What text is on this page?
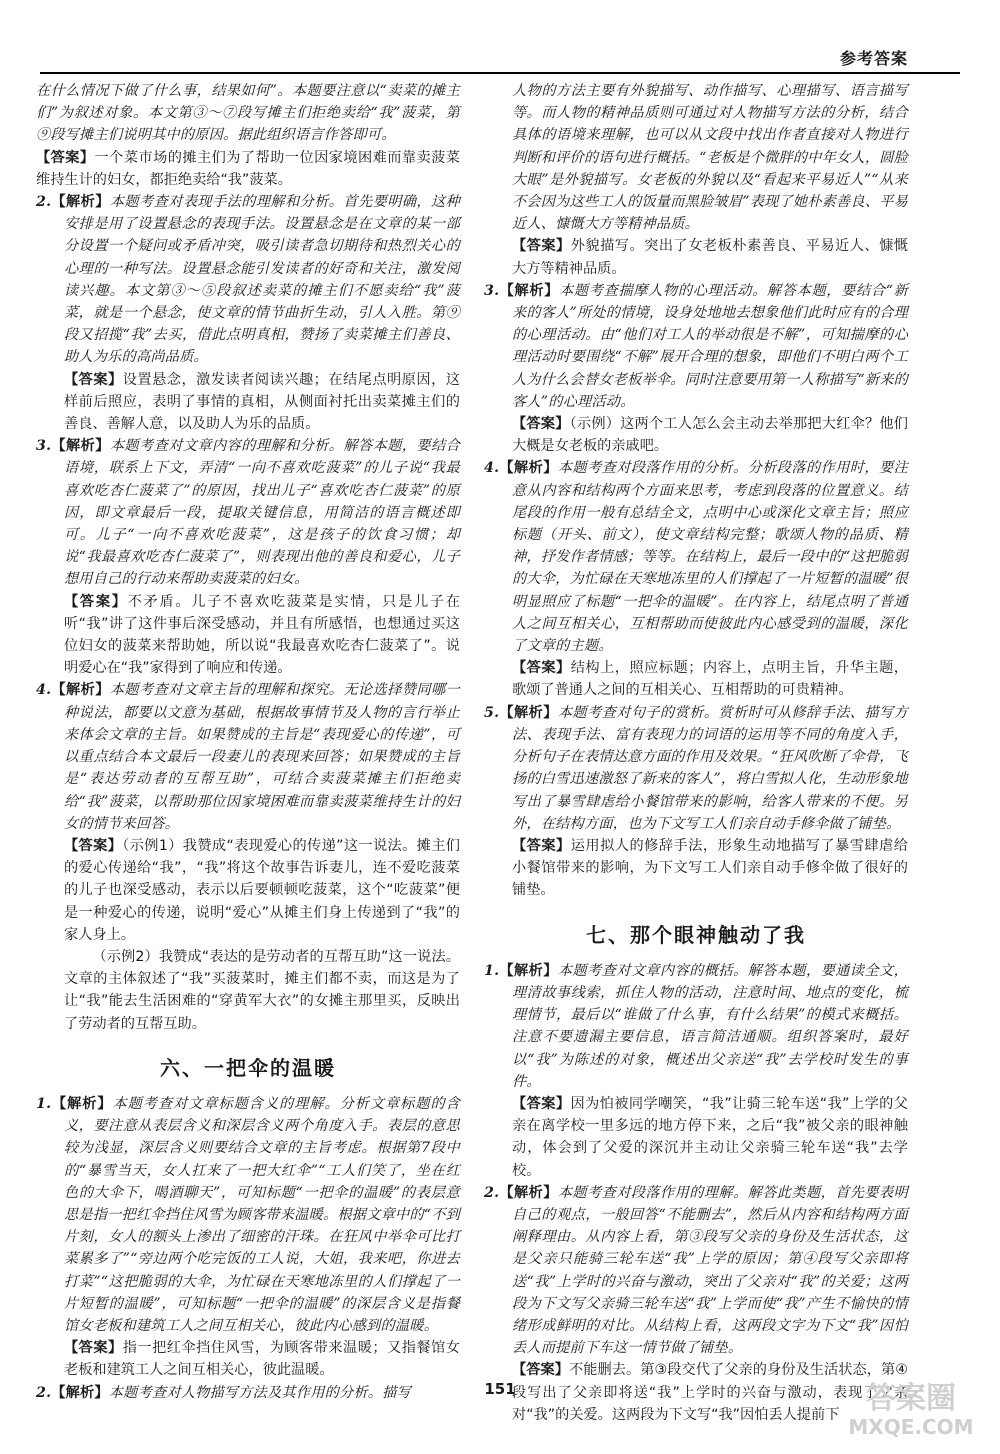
参考答案

在什么情况下做了什么事，结果如何”。本题要注意以“卖菜的摊主们”为叙述对象。本文第③～⑦段写摊主们拒绝卖给“我”菠菜，第⑨段写摊主们说明其中的原因。据此组织语言作答即可。

【答案】一个菜市场的摊主们为了帮助一位因家境困难而靠卖菠菜维持生计的妇女，都拒绝卖给“我”菠菜。

2.【解析】本题考查对表现手法的理解和分析。首先要明确，这种安排是用了设置悬念的表现手法。设置悬念是在文章的某一部分设置一个疑问或矛盾冲突，吸引读者急切期待和热烈关心的心理的一种写法。设置悬念能引发读者的好奇和关注，激发阅读兴趣。本文第③～⑤段叙述卖菜的摊主们不愿卖给“我”菠菜，就是一个悬念，使文章的情节曲折生动，引人入胜。第⑨段又招揽“我”去买，借此点明真相，赞扬了卖菜摊主们善良、助人为乐的高尚品质。

【答案】设置悬念，激发读者阅读兴趣；在结尾点明原因，这样前后照应，表明了事情的真相，从侧面衬托出卖菜摊主们的善良、善解人意，以及助人为乐的品质。

3.【解析】本题考查对文章内容的理解和分析。解答本题，要结合语境，联系上下文，弄清“一向不喜欢吃菠菜”的儿子说“我最喜欢吃杏仁菠菜了”的原因，找出儿子“喜欢吃杏仁菠菜”的原因，即文章最后一段，提取关键信息，用简洁的语言概述即可。儿子“一向不喜欢吃菠菜”，这是孩子的饮食习惯；却说“我最喜欢吃杏仁菠菜了”，则表现出他的善良和爱心，儿子想用自己的行动来帮助卖菠菜的妇女。

【答案】不矛盾。儿子不喜欢吃菠菜是实情，只是儿子在听“我”讲了这件事后深受感动，并且有所感悟，也想通过买这位妇女的菠菜来帮助她，所以说“我最喜欢吃杏仁菠菜了”。说明爱心在“我”家得到了响应和传递。

4.【解析】本题考查对文章主旨的理解和探究。无论选择赞同哪一种说法，都要以文意为基础，根据故事情节及人物的言行举止来体会文章的主旨。如果赞成的主旨是“表现爱心的传递”，可以重点结合本文最后一段妻儿的表现来回答；如果赞成的主旨是“表达劳动者的互帮互助”，可结合卖菠菜摊主们拒绝卖给“我”菠菜，以帮助那位因家境困难而靠卖菠菜维持生计的妇女的情节来回答。

【答案】（示例1）我赞成“表现爱心的传递”这一说法。摊主们的爱心传递给“我”，“我”将这个故事告诉妻儿，连不爱吃菠菜的儿子也深受感动，表示以后要顿顿吃菠菜，这个“吃菠菜”便是一种爱心的传递，说明“爱心”从摊主们身上传递到了“我”的家人身上。

（示例2）我赞成“表达的是劳动者的互帮互助”这一说法。文章的主体叙述了“我”买菠菜时，摊主们都不卖，而这是为了让“我”能去生活困难的“穿黄军大衣”的女摊主那里买，反映出了劳动者的互帮互助。

六、一把伞的温暖

1.【解析】本题考查对文章标题含义的理解。分析文章标题的含义，要注意从表层含义和深层含义两个角度入手。表层的意思较为浅显，深层含义则要结合文章的主旨考虑。根据第7段中的“暴雪当天，女人扛来了一把大红伞”“工人们笑了，坐在红色的大伞下，喝酒聊天”，可知标题“一把伞的温暖”的表层意思是指一把红伞挡住风雪为顾客带来温暖。根据文章中的“不到片刻，女人的额头上渗出了细密的汗珠。在狂风中举伞可比打菜累多了”“旁边两个吃完饭的工人说，大姐，我来吧，你进去打菜”“这把脆弱的大伞，为忙碌在天寒地冻里的人们撑起了一片短暂的温暖”，可知标题“一把伞的温暖”的深层含义是指餐馆女老板和建筑工人之间互相关心，彼此内心感到的温暖。

【答案】指一把红伞挡住风雪，为顾客带来温暖；又指餐馆女老板和建筑工人之间互相关心，彼此温暖。

2.【解析】本题考查对人物描写方法及其作用的分析。描写

人物的方法主要有外貌描写、动作描写、心理描写、语言描写等。而人物的精神品质则可通过对人物描写方法的分析，结合具体的语境来理解，也可以从文段中找出作者直接对人物进行判断和评价的语句进行概括。“老板是个微胖的中年女人，圆脸大眼”是外貌描写。女老板的外貌以及“看起来平易近人”“从来不会因为这些工人的饭量而黑脸皱眉”表现了她朴素善良、平易近人、慷慨大方等精神品质。

【答案】外貌描写。突出了女老板朴素善良、平易近人、慷慨大方等精神品质。

3.【解析】本题考查揣摩人物的心理活动。解答本题，要结合“新来的客人”所处的情境，设身处地地去想象他们此时应有的合理的心理活动。由“他们对工人的举动很是不解”，可知揣摩的心理活动时要围绕“不解”展开合理的想象，即他们不明白两个工人为什么会替女老板举伞。同时注意要用第一人称描写“新来的客人”的心理活动。

【答案】（示例）这两个工人怎么会主动去举那把大红伞？他们大概是女老板的亲戚吧。

4.【解析】本题考查对段落作用的分析。分析段落的作用时，要注意从内容和结构两个方面来思考，考虑到段落的位置意义。结尾段的作用一般有总结全文，点明中心或深化文章主旨；照应标题（开头、前文），使文章结构完整；歌颂人物的品质、精神，抒发作者情感；等等。在结构上，最后一段中的“这把脆弱的大伞，为忙碌在天寒地冻里的人们撑起了一片短暂的温暖”很明显照应了标题“一把伞的温暖”。在内容上，结尾点明了普通人之间互相关心，互相帮助而使彼此内心感受到的温暖，深化了文章的主题。

【答案】结构上，照应标题；内容上，点明主旨，升华主题，歌颂了普通人之间的互相关心、互相帮助的可贵精神。

5.【解析】本题考查对句子的赏析。赏析时可从修辞手法、描写方法、表现手法、富有表现力的词语的运用等不同的角度入手，分析句子在表情达意方面的作用及效果。“狂风吹断了伞骨，飞扬的白雪迅速激怒了新来的客人”，将白雪拟人化，生动形象地写出了暴雪肆虐给小餐馆带来的影响，给客人带来的不便。另外，在结构方面，也为下文写工人们亲自动手修伞做了铺垫。

【答案】运用拟人的修辞手法，形象生动地描写了暴雪肆虐给小餐馆带来的影响，为下文写工人们亲自动手修伞做了很好的铺垫。

七、那个眼神触动了我

1.【解析】本题考查对文章内容的概括。解答本题，要通读全文，理清故事线索，抓住人物的活动，注意时间、地点的变化，梳理情节，最后以“谁做了什么事，有什么结果”的模式来概括。注意不要遗漏主要信息，语言简洁通顺。组织答案时，最好以“我”为陈述的对象，概述出父亲送“我”去学校时发生的事件。

【答案】因为怕被同学嘲笑，“我”让骑三轮车送“我”上学的父亲在离学校一里多远的地方停下来，之后“我”被父亲的眼神触动，体会到了父爱的深沉并主动让父亲骑三轮车送“我”去学校。

2.【解析】本题考查对段落作用的理解。解答此类题，首先要表明自己的观点，一般回答“不能删去”，然后从内容和结构两方面阐释理由。从内容上看，第③段写父亲的身份及生活状态，这是父亲只能骑三轮车送“我”上学的原因；第④段写父亲即将送“我”上学时的兴奋与激动，突出了父亲对“我”的关爱；这两段为下文写父亲骑三轮车送“我”上学而使“我”产生不愉快的情绪形成鲜明的对比。从结构上看，这两段文字为下文“我”因怕丢人而提前下车这一情节做了铺垫。

【答案】不能删去。第③段交代了父亲的身份及生活状态，第④段写出了父亲即将送“我”上学时的兴奋与激动，表现了父亲对“我”的关爱。这两段为下文写“我”因怕丢人提前下

151	答案圈
MXQE.COM
